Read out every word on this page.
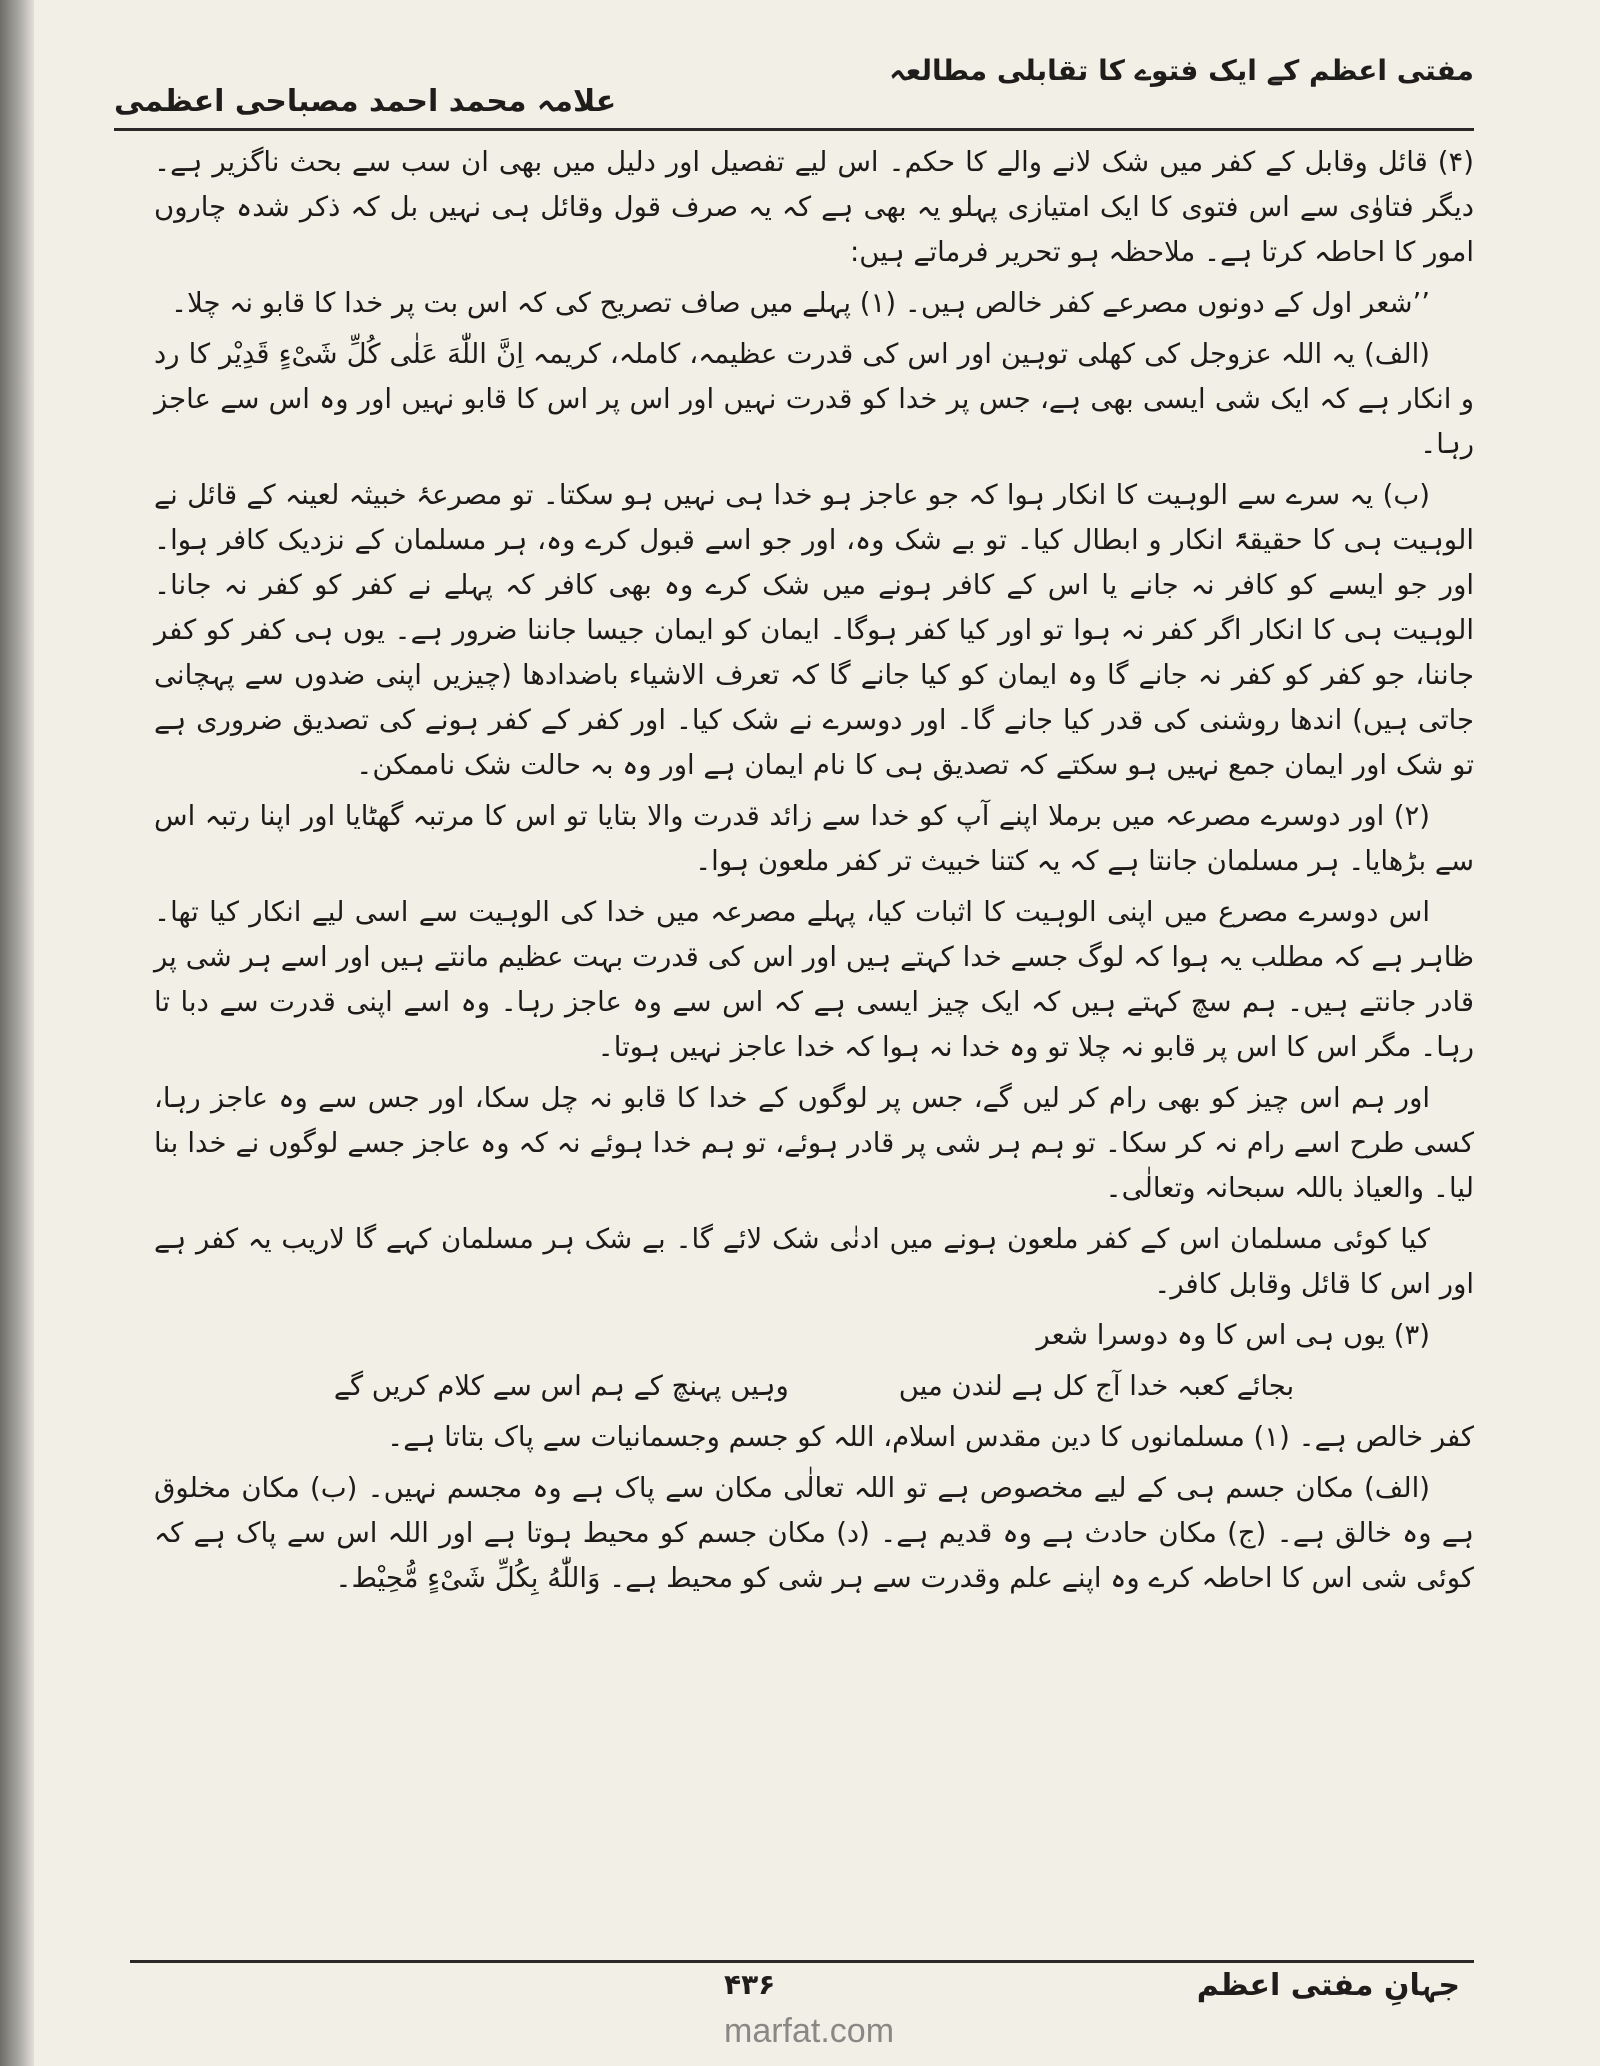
مفتی اعظم کے ایک فتوے کا تقابلی مطالعہ
علامہ محمد احمد مصباحی اعظمی

(۴) قائل وقابل کے کفر میں شک لانے والے کا حکم۔ اس لیے تفصیل اور دلیل میں بھی ان سب سے بحث ناگزیر ہے۔ دیگر فتاوٰی سے اس فتوی کا ایک امتیازی پہلو یہ بھی ہے کہ یہ صرف قول وقائل ہی نہیں بل کہ ذکر شدہ چاروں امور کا احاطہ کرتا ہے۔ ملاحظہ ہو تحریر فرماتے ہیں:

’’شعر اول کے دونوں مصرعے کفر خالص ہیں۔ (۱) پہلے میں صاف تصریح کی کہ اس بت پر خدا کا قابو نہ چلا۔

(الف) یہ اللہ عزوجل کی کھلی توہین اور اس کی قدرت عظیمہ، کاملہ، کریمہ اِنَّ اللّٰهَ عَلٰی کُلِّ شَیْءٍ قَدِیْر کا رد و انکار ہے کہ ایک شی ایسی بھی ہے، جس پر خدا کو قدرت نہیں اور اس پر اس کا قابو نہیں اور وہ اس سے عاجز رہا۔

(ب) یہ سرے سے الوہیت کا انکار ہوا کہ جو عاجز ہو خدا ہی نہیں ہو سکتا۔ تو مصرعۂ خبیثہ لعینہ کے قائل نے الوہیت ہی کا حقیقۃً انکار و ابطال کیا۔ تو بے شک وہ، اور جو اسے قبول کرے وہ، ہر مسلمان کے نزدیک کافر ہوا۔ اور جو ایسے کو کافر نہ جانے یا اس کے کافر ہونے میں شک کرے وہ بھی کافر کہ پہلے نے کفر کو کفر نہ جانا۔ الوہیت ہی کا انکار اگر کفر نہ ہوا تو اور کیا کفر ہوگا۔ ایمان کو ایمان جیسا جاننا ضرور ہے۔ یوں ہی کفر کو کفر جاننا، جو کفر کو کفر نہ جانے گا وہ ایمان کو کیا جانے گا کہ تعرف الاشیاء باضدادھا (چیزیں اپنی ضدوں سے پہچانی جاتی ہیں) اندھا روشنی کی قدر کیا جانے گا۔ اور دوسرے نے شک کیا۔ اور کفر کے کفر ہونے کی تصدیق ضروری ہے تو شک اور ایمان جمع نہیں ہو سکتے کہ تصدیق ہی کا نام ایمان ہے اور وہ بہ حالت شک ناممکن۔

(۲) اور دوسرے مصرعہ میں برملا اپنے آپ کو خدا سے زائد قدرت والا بتایا تو اس کا مرتبہ گھٹایا اور اپنا رتبہ اس سے بڑھایا۔ ہر مسلمان جانتا ہے کہ یہ کتنا خبیث تر کفر ملعون ہوا۔

اس دوسرے مصرع میں اپنی الوہیت کا اثبات کیا، پہلے مصرعہ میں خدا کی الوہیت سے اسی لیے انکار کیا تھا۔ ظاہر ہے کہ مطلب یہ ہوا کہ لوگ جسے خدا کہتے ہیں اور اس کی قدرت بہت عظیم مانتے ہیں اور اسے ہر شی پر قادر جانتے ہیں۔ ہم سچ کہتے ہیں کہ ایک چیز ایسی ہے کہ اس سے وہ عاجز رہا۔ وہ اسے اپنی قدرت سے دبا تا رہا۔ مگر اس کا اس پر قابو نہ چلا تو وہ خدا نہ ہوا کہ خدا عاجز نہیں ہوتا۔

اور ہم اس چیز کو بھی رام کر لیں گے، جس پر لوگوں کے خدا کا قابو نہ چل سکا، اور جس سے وہ عاجز رہا، کسی طرح اسے رام نہ کر سکا۔ تو ہم ہر شی پر قادر ہوئے، تو ہم خدا ہوئے نہ کہ وہ عاجز جسے لوگوں نے خدا بنا لیا۔ والعیاذ باللہ سبحانہ وتعالٰی۔

کیا کوئی مسلمان اس کے کفر ملعون ہونے میں ادنٰی شک لائے گا۔ بے شک ہر مسلمان کہے گا لاریب یہ کفر ہے اور اس کا قائل وقابل کافر۔

(۳) یوں ہی اس کا وہ دوسرا شعر

بجائے کعبہ خدا آج کل ہے لندن میں
وہیں پہنچ کے ہم اس سے کلام کریں گے

کفر خالص ہے۔ (۱) مسلمانوں کا دین مقدس اسلام، اللہ کو جسم وجسمانیات سے پاک بتاتا ہے۔

(الف) مکان جسم ہی کے لیے مخصوص ہے تو اللہ تعالٰی مکان سے پاک ہے وہ مجسم نہیں۔ (ب) مکان مخلوق ہے وہ خالق ہے۔ (ج) مکان حادث ہے وہ قدیم ہے۔ (د) مکان جسم کو محیط ہوتا ہے اور اللہ اس سے پاک ہے کہ کوئی شی اس کا احاطہ کرے وہ اپنے علم وقدرت سے ہر شی کو محیط ہے۔ وَاللّٰهُ بِکُلِّ شَیْءٍ مُّحِیْط۔

جہانِ مفتی اعظم
۴۳۶
marfat.com
